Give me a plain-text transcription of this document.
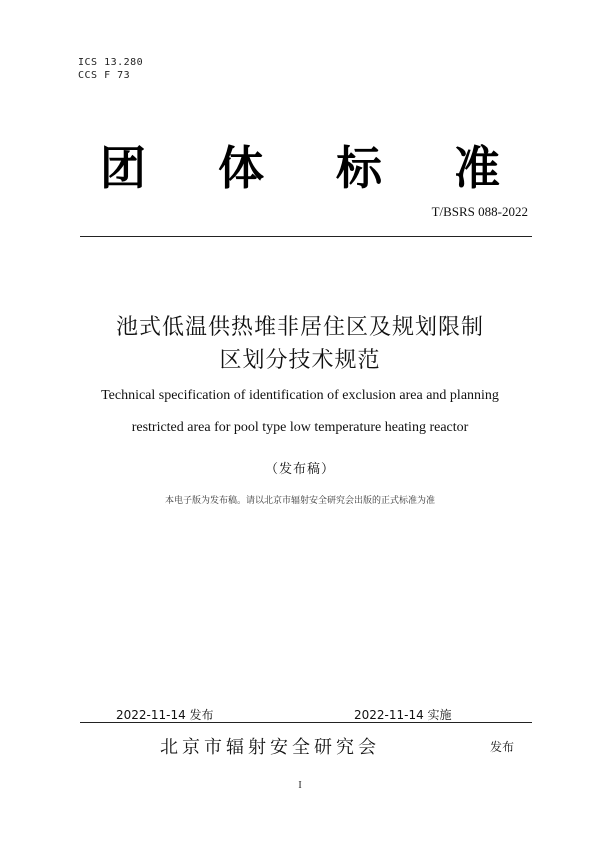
ICS 13.280
CCS F 73
团 体 标 准
T/BSRS 088-2022
池式低温供热堆非居住区及规划限制
区划分技术规范
Technical specification of identification of exclusion area and planning
restricted area for pool type low temperature heating reactor
（发布稿）
本电子版为发布稿。请以北京市辐射安全研究会出版的正式标准为准
2022-11-14 发布	2022-11-14 实施
北京市辐射安全研究会	发布
I
